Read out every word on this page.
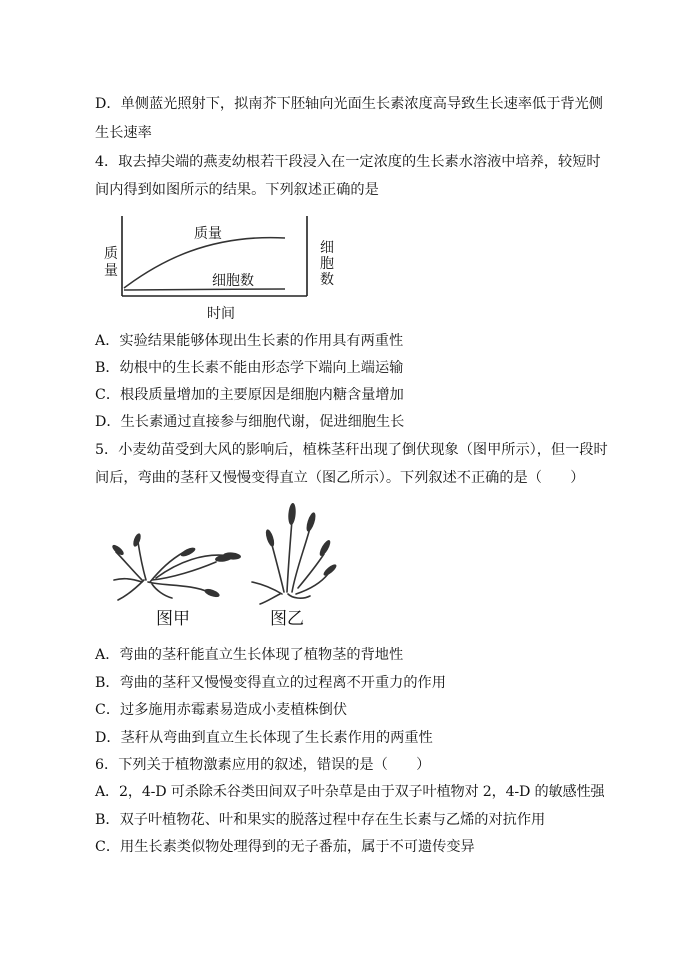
D．单侧蓝光照射下，拟南芥下胚轴向光面生长素浓度高导致生长速率低于背光侧
生长速率
4．取去掉尖端的燕麦幼根若干段浸入在一定浓度的生长素水溶液中培养，较短时
间内得到如图所示的结果。下列叙述正确的是
质量
细胞数
时间
质 量
细 胞 数
A．实验结果能够体现出生长素的作用具有两重性
B．幼根中的生长素不能由形态学下端向上端运输
C．根段质量增加的主要原因是细胞内糖含量增加
D．生长素通过直接参与细胞代谢，促进细胞生长
5．小麦幼苗受到大风的影响后，植株茎秆出现了倒伏现象（图甲所示），但一段时
间后，弯曲的茎秆又慢慢变得直立（图乙所示）。下列叙述不正确的是（　　）
图甲	图乙
A．弯曲的茎秆能直立生长体现了植物茎的背地性
B．弯曲的茎秆又慢慢变得直立的过程离不开重力的作用
C．过多施用赤霉素易造成小麦植株倒伏
D．茎秆从弯曲到直立生长体现了生长素作用的两重性
6．下列关于植物激素应用的叙述，错误的是（　　）
A．2，4-D 可杀除禾谷类田间双子叶杂草是由于双子叶植物对 2，4-D 的敏感性强
B．双子叶植物花、叶和果实的脱落过程中存在生长素与乙烯的对抗作用
C．用生长素类似物处理得到的无子番茄，属于不可遗传变异
